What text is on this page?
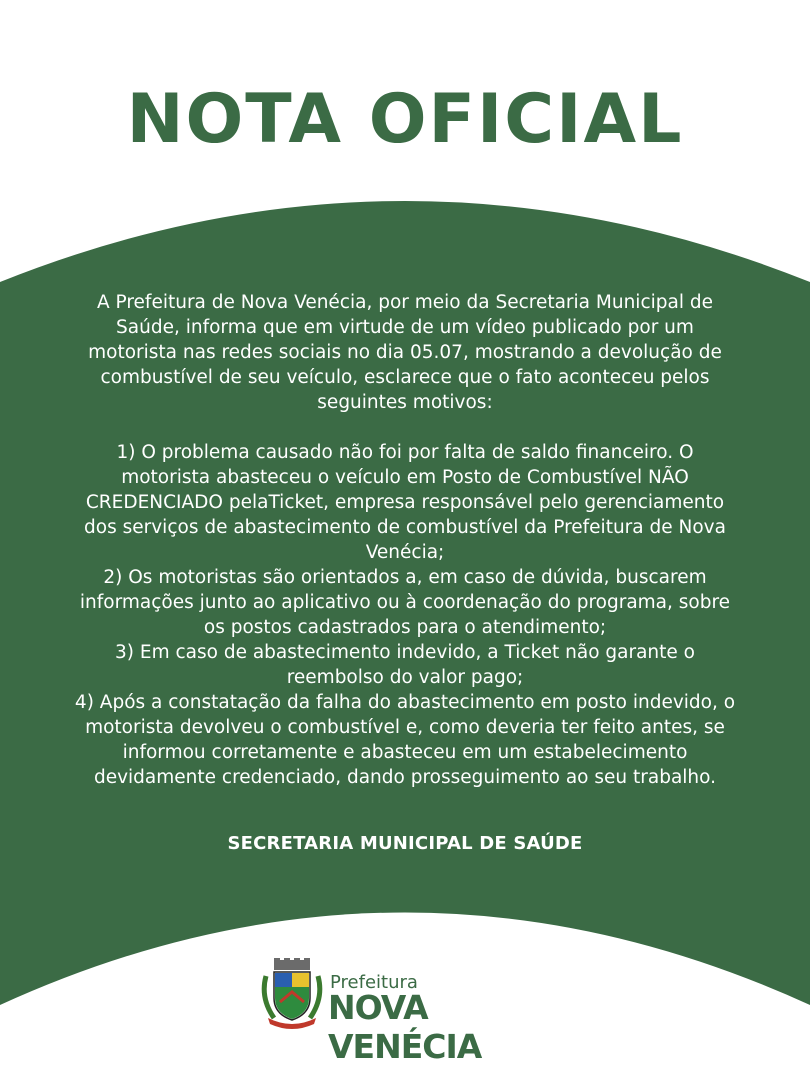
NOTA OFICIAL

A Prefeitura de Nova Venécia, por meio da Secretaria Municipal de Saúde, informa que em virtude de um vídeo publicado por um motorista nas redes sociais no dia 05.07, mostrando a devolução de combustível de seu veículo, esclarece que o fato aconteceu pelos seguintes motivos:

1) O problema causado não foi por falta de saldo financeiro. O motorista abasteceu o veículo em Posto de Combustível NÃO CREDENCIADO pelaTicket, empresa responsável pelo gerenciamento dos serviços de abastecimento de combustível da Prefeitura de Nova Venécia;

2) Os motoristas são orientados a, em caso de dúvida, buscarem informações junto ao aplicativo ou à coordenação do programa, sobre os postos cadastrados para o atendimento;

3) Em caso de abastecimento indevido, a Ticket não garante o reembolso do valor pago;

4) Após a constatação da falha do abastecimento em posto indevido, o motorista devolveu o combustível e, como deveria ter feito antes, se informou corretamente e abasteceu em um estabelecimento devidamente credenciado, dando prosseguimento ao seu trabalho.

SECRETARIA MUNICIPAL DE SAÚDE
Prefeitura
NOVA VENÉCIA
